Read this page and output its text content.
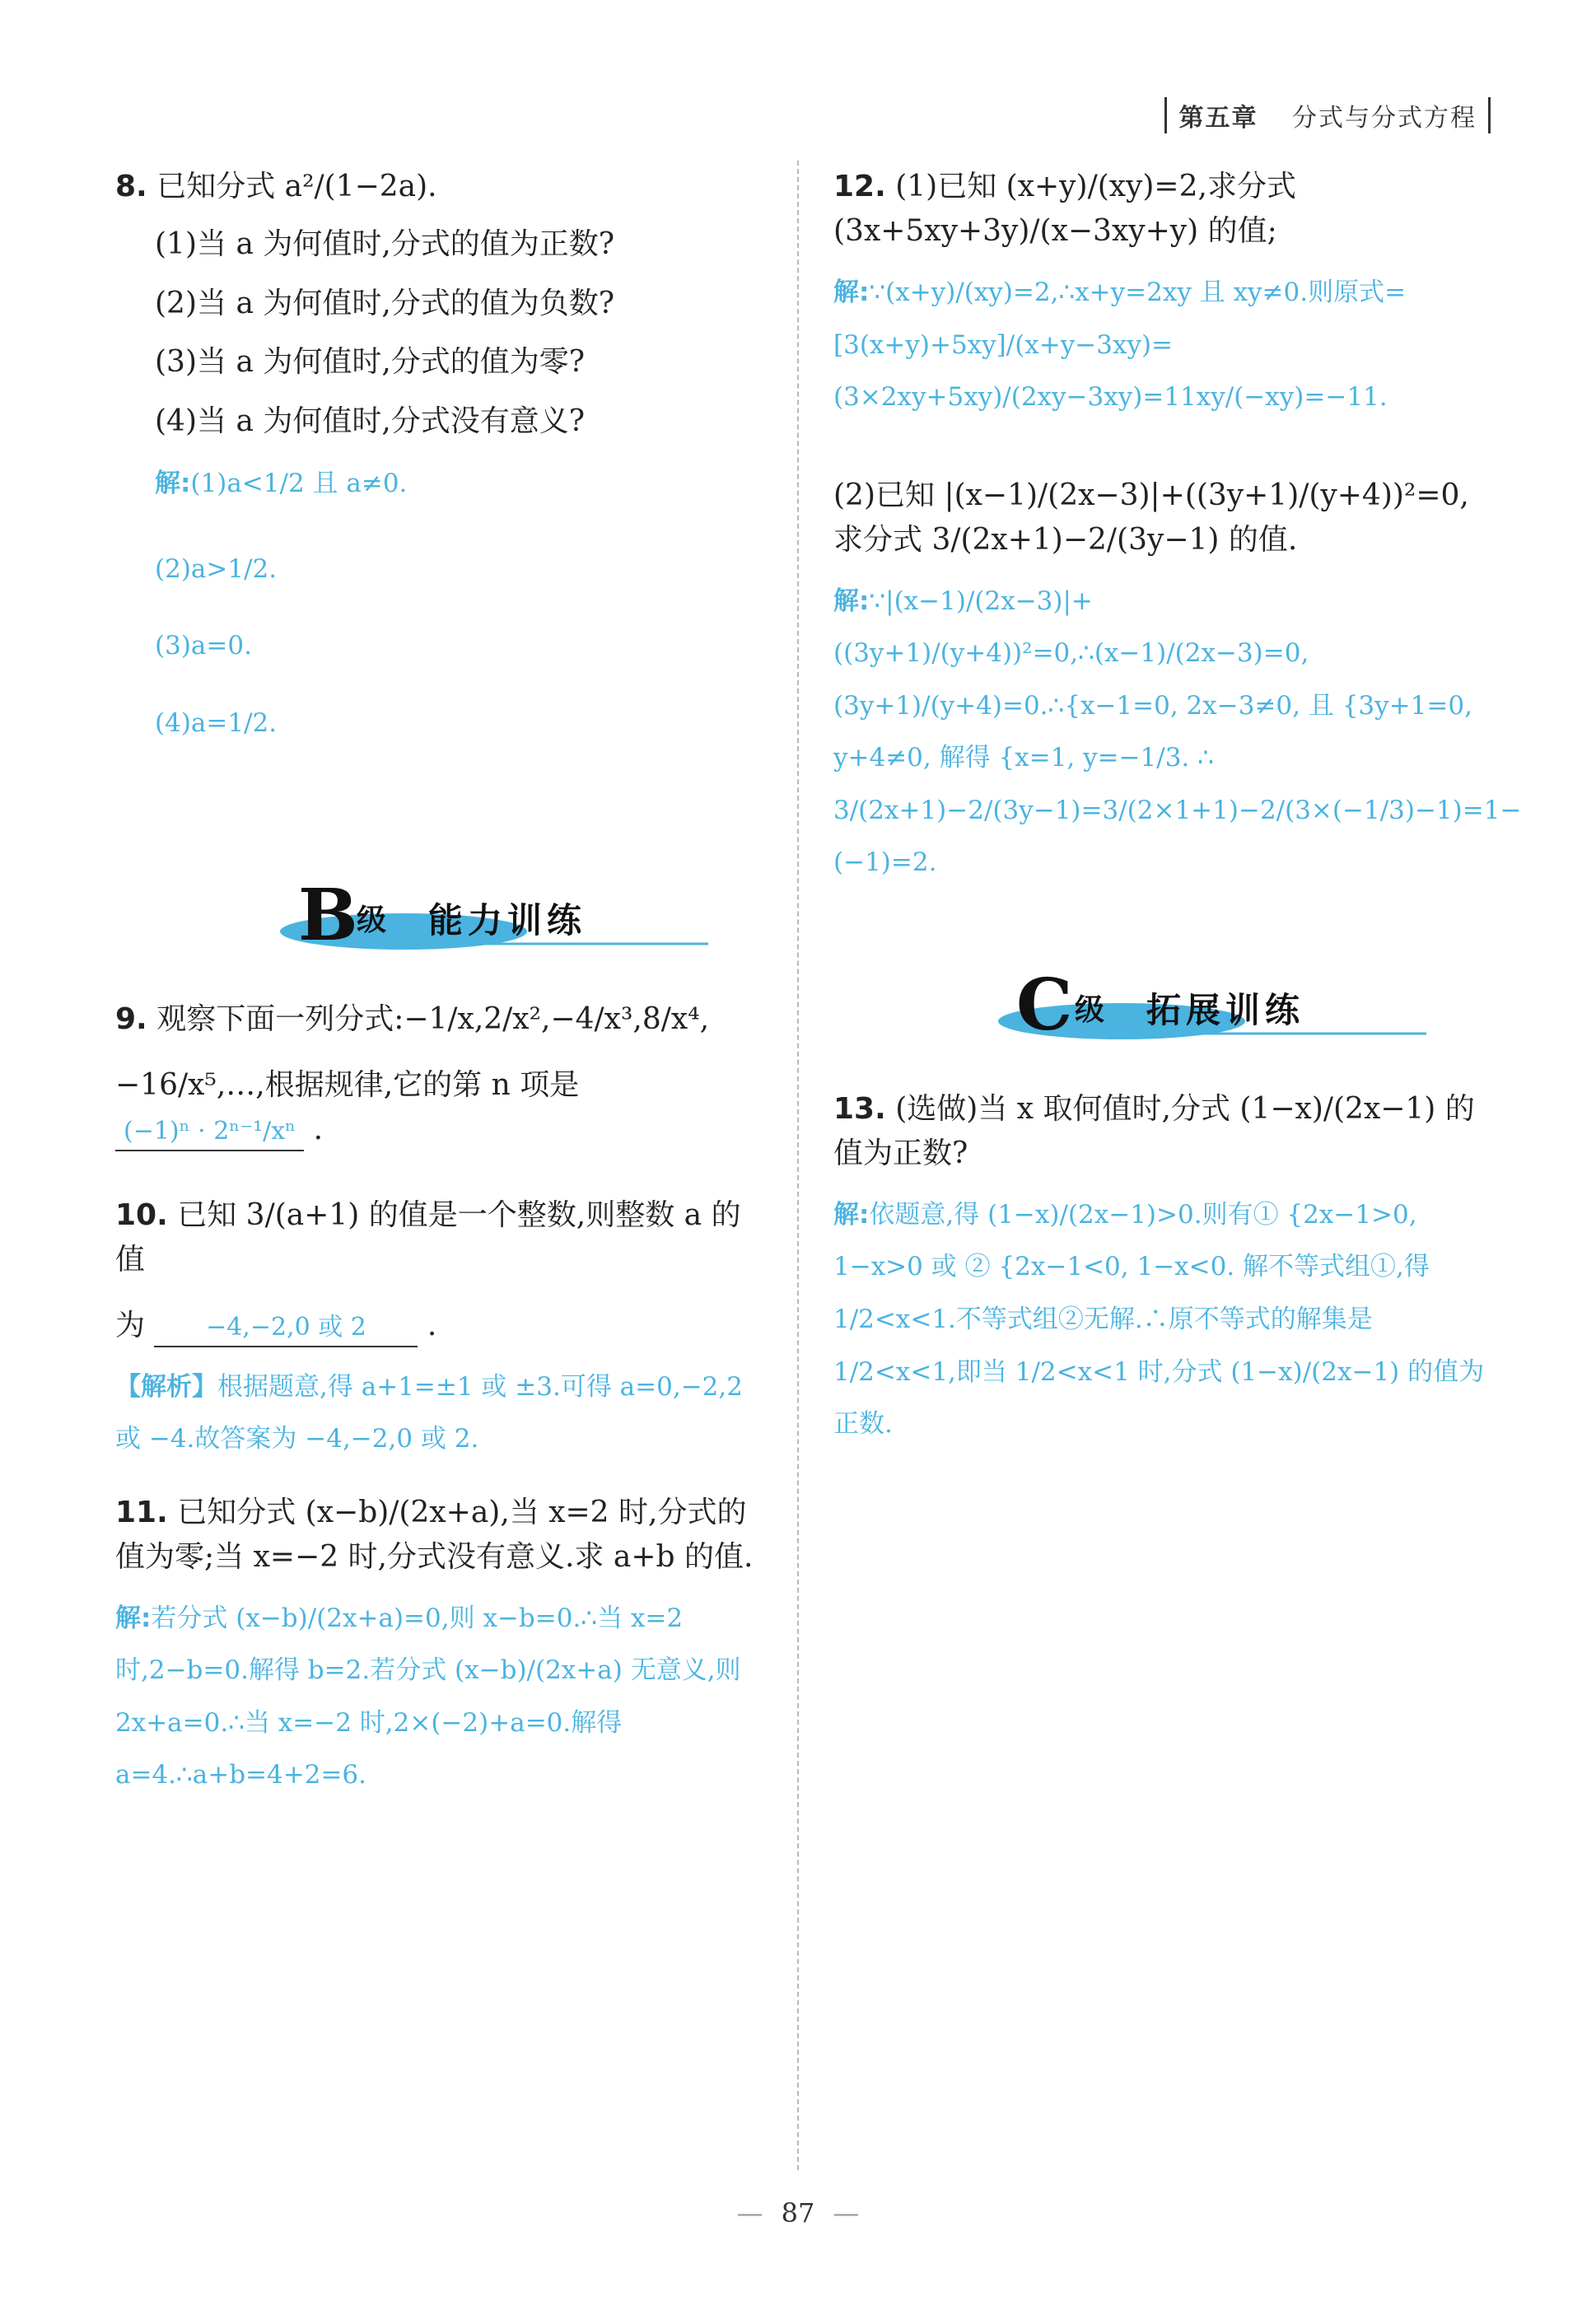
第五章 分式与分式方程
8. 已知分式 a²/(1−2a).
(1)当 a 为何值时,分式的值为正数?
(2)当 a 为何值时,分式的值为负数?
(3)当 a 为何值时,分式的值为零?
(4)当 a 为何值时,分式没有意义?
解:(1)a<1/2 且 a≠0.
(2)a>1/2.
(3)a=0.
(4)a=1/2.
B
级 能力训练
9. 观察下面一列分式:−1/x,2/x²,−4/x³,8/x⁴,
−16/x⁵,…,根据规律,它的第 n 项是 (−1)ⁿ · 2ⁿ⁻¹/xⁿ .
10. 已知 3/(a+1) 的值是一个整数,则整数 a 的值
为 −4,−2,0 或 2 .
【解析】根据题意,得 a+1=±1 或 ±3.可得 a=0,−2,2 或 −4.故答案为 −4,−2,0 或 2.
11. 已知分式 (x−b)/(2x+a),当 x=2 时,分式的值为零;当 x=−2 时,分式没有意义.求 a+b 的值.
解:若分式 (x−b)/(2x+a)=0,则 x−b=0.∴当 x=2 时,2−b=0.解得 b=2.若分式 (x−b)/(2x+a) 无意义,则 2x+a=0.∴当 x=−2 时,2×(−2)+a=0.解得 a=4.∴a+b=4+2=6.
12. (1)已知 (x+y)/(xy)=2,求分式 (3x+5xy+3y)/(x−3xy+y) 的值;
解:∵(x+y)/(xy)=2,∴x+y=2xy 且 xy≠0.则原式=[3(x+y)+5xy]/(x+y−3xy)=(3×2xy+5xy)/(2xy−3xy)=11xy/(−xy)=−11.
(2)已知 |(x−1)/(2x−3)|+((3y+1)/(y+4))²=0,求分式 3/(2x+1)−2/(3y−1) 的值.
解:∵|(x−1)/(2x−3)|+((3y+1)/(y+4))²=0,∴(x−1)/(2x−3)=0,(3y+1)/(y+4)=0.∴{x−1=0, 2x−3≠0, 且 {3y+1=0, y+4≠0, 解得 {x=1, y=−1/3. ∴ 3/(2x+1)−2/(3y−1)=3/(2×1+1)−2/(3×(−1/3)−1)=1−(−1)=2.
C 级 拓展训练
13. (选做)当 x 取何值时,分式 (1−x)/(2x−1) 的值为正数?
解:依题意,得 (1−x)/(2x−1)>0.则有① {2x−1>0, 1−x>0 或 ② {2x−1<0, 1−x<0. 解不等式组①,得 1/2<x<1.不等式组②无解.∴原不等式的解集是 1/2<x<1,即当 1/2<x<1 时,分式 (1−x)/(2x−1) 的值为正数.
— 87 —
